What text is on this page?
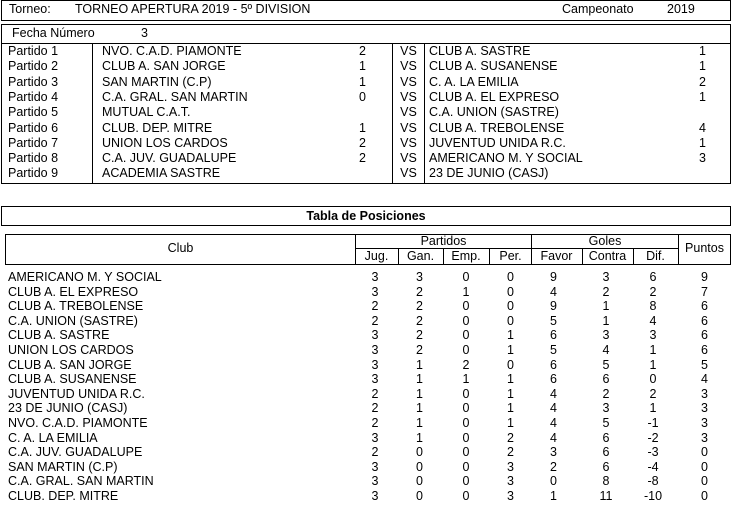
Torneo: TORNEO APERTURA 2019 - 5º DIVISION	Campeonato	2019
Fecha Número	3
Partido 1	NVO. C.A.D. PIAMONTE	2	VS CLUB A. SASTRE	1
Partido 2	CLUB A. SAN JORGE	1	VS CLUB A. SUSANENSE	1
Partido 3	SAN MARTIN (C.P)	1	VS C. A. LA EMILIA	2
Partido 4	C.A. GRAL. SAN MARTIN	0	VS CLUB A. EL EXPRESO	1
Partido 5	MUTUAL C.A.T.	VS C.A. UNION (SASTRE)
Partido 6	CLUB. DEP. MITRE	1	VS CLUB A. TREBOLENSE	4
Partido 7	UNION LOS CARDOS	2	VS JUVENTUD UNIDA R.C.	1
Partido 8	C.A. JUV. GUADALUPE	2	VS AMERICANO M. Y SOCIAL	3
Partido 9	ACADEMIA SASTRE	VS 23 DE JUNIO (CASJ)
Tabla de Posiciones
Club	Partidos	Goles	Puntos
Jug.	Gan.	Emp.	Per.	Favor	Contra	Dif.
AMERICANO M. Y SOCIAL	3	3	0	0	9	3	6	9
CLUB A. EL EXPRESO	3	2	1	0	4	2	2	7
CLUB A. TREBOLENSE	2	2	0	0	9	1	8	6
C.A. UNION (SASTRE)	2	2	0	0	5	1	4	6
CLUB A. SASTRE	3	2	0	1	6	3	3	6
UNION LOS CARDOS	3	2	0	1	5	4	1	6
CLUB A. SAN JORGE	3	1	2	0	6	5	1	5
CLUB A. SUSANENSE	3	1	1	1	6	6	0	4
JUVENTUD UNIDA R.C.	2	1	0	1	4	2	2	3
23 DE JUNIO (CASJ)	2	1	0	1	4	3	1	3
NVO. C.A.D. PIAMONTE	2	1	0	1	4	5	-1	3
C. A. LA EMILIA	3	1	0	2	4	6	-2	3
C.A. JUV. GUADALUPE	2	0	0	2	3	6	-3	0
SAN MARTIN (C.P)	3	0	0	3	2	6	-4	0
C.A. GRAL. SAN MARTIN	3	0	0	3	0	8	-8	0
CLUB. DEP. MITRE	3	0	0	3	1	11	-10	0
